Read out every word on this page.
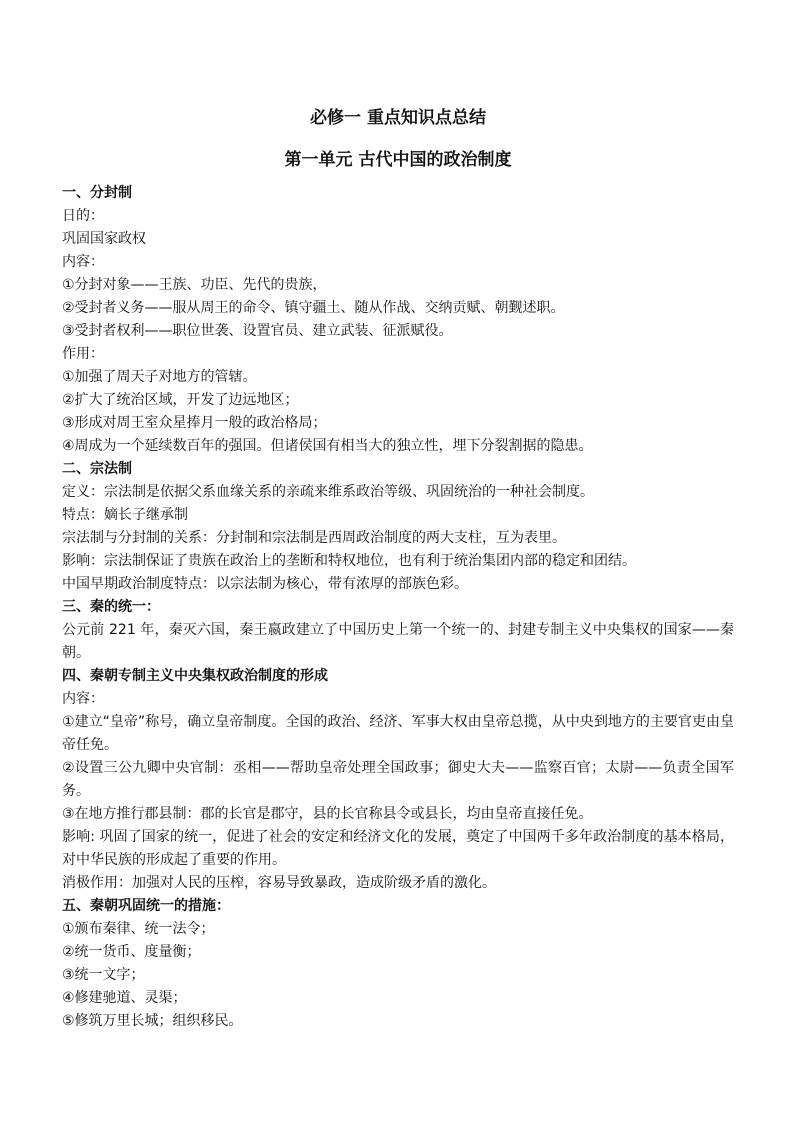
必修一 重点知识点总结

第一单元 古代中国的政治制度

一、分封制

日的：

巩固国家政权

内容：

①分封对象——王族、功臣、先代的贵族，

②受封者义务——服从周王的命令、镇守疆土、随从作战、交纳贡赋、朝觐述职。

③受封者权利——职位世袭、设置官员、建立武装、征派赋役。

作用：

①加强了周天子对地方的管辖。

②扩大了统治区域，开发了边远地区；

③形成对周王室众星捧月一般的政治格局；

④周成为一个延续数百年的强国。但诸侯国有相当大的独立性，埋下分裂割据的隐患。

二、宗法制

定义：宗法制是依据父系血缘关系的亲疏来维系政治等级、巩固统治的一种社会制度。

特点：嫡长子继承制

宗法制与分封制的关系：分封制和宗法制是西周政治制度的两大支柱，互为表里。

影响：宗法制保证了贵族在政治上的垄断和特权地位，也有利于统治集团内部的稳定和团结。

中国早期政治制度特点：以宗法制为核心，带有浓厚的部族色彩。

三、秦的统一：

公元前 221 年，秦灭六国，秦王嬴政建立了中国历史上第一个统一的、封建专制主义中央集权的国家——秦朝。

四、秦朝专制主义中央集权政治制度的形成

内容：

①建立“皇帝”称号，确立皇帝制度。全国的政治、经济、军事大权由皇帝总揽，从中央到地方的主要官吏由皇帝任免。

②设置三公九卿中央官制：丞相——帮助皇帝处理全国政事；御史大夫——监察百官；太尉——负责全国军务。

③在地方推行郡县制：郡的长官是郡守，县的长官称县令或县长，均由皇帝直接任免。

影响: 巩固了国家的统一，促进了社会的安定和经济文化的发展，奠定了中国两千多年政治制度的基本格局，对中华民族的形成起了重要的作用。

消极作用：加强对人民的压榨，容易导致暴政，造成阶级矛盾的激化。

五、秦朝巩固统一的措施：

①颁布秦律、统一法令；

②统一货币、度量衡；

③统一文字；

④修建驰道、灵渠；

⑤修筑万里长城；组织移民。
